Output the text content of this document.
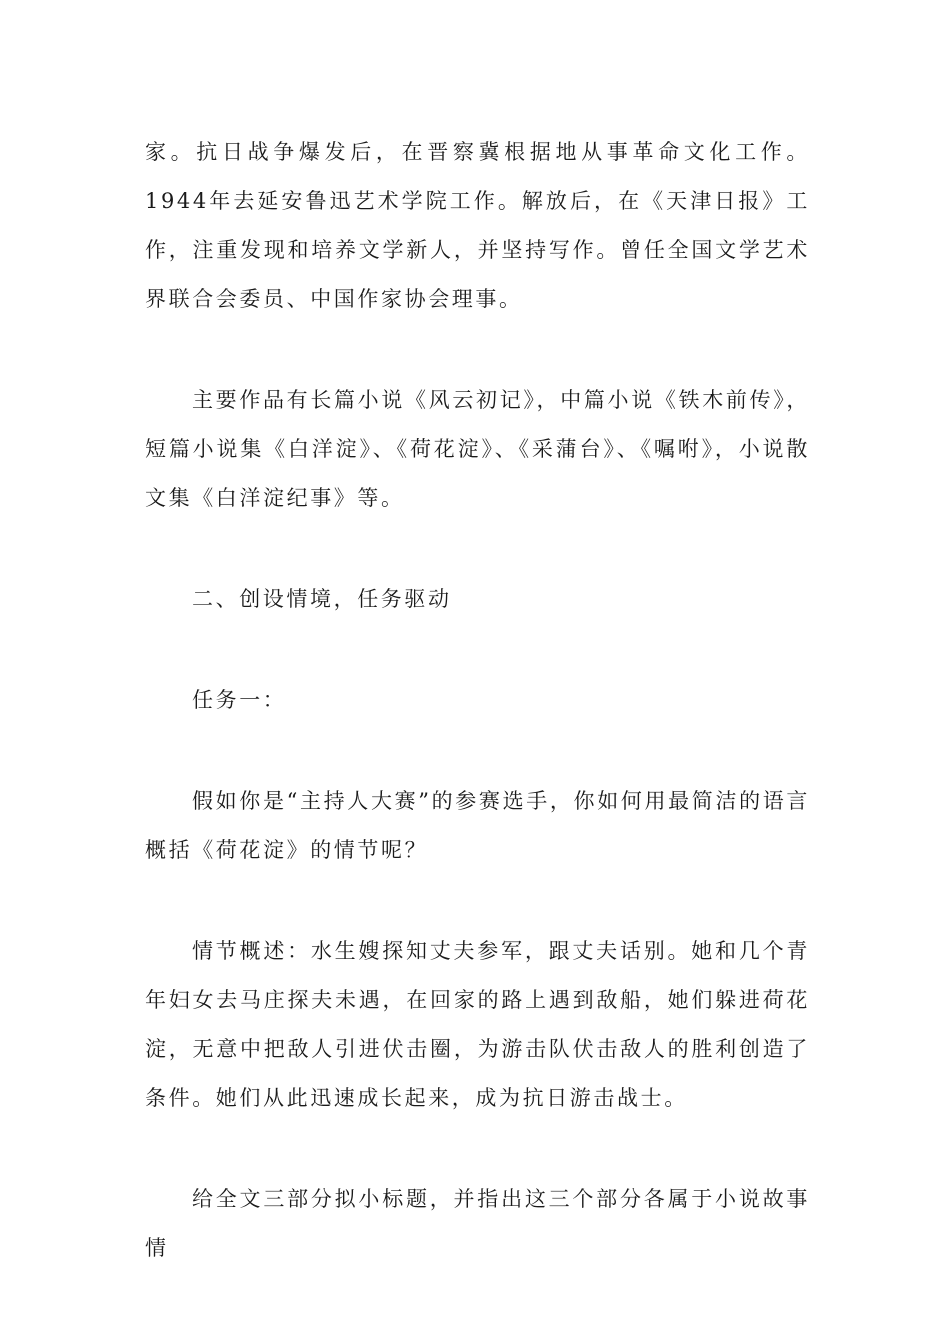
家。抗日战争爆发后，在晋察冀根据地从事革命文化工作。1944年去延安鲁迅艺术学院工作。解放后，在《天津日报》工作，注重发现和培养文学新人，并坚持写作。曾任全国文学艺术界联合会委员、中国作家协会理事。

主要作品有长篇小说《风云初记》，中篇小说《铁木前传》，短篇小说集《白洋淀》、《荷花淀》、《采蒲台》、《嘱咐》，小说散文集《白洋淀纪事》等。

二、创设情境，任务驱动

任务一：

假如你是“主持人大赛”的参赛选手，你如何用最简洁的语言概括《荷花淀》的情节呢？

情节概述：水生嫂探知丈夫参军，跟丈夫话别。她和几个青年妇女去马庄探夫未遇，在回家的路上遇到敌船，她们躲进荷花淀，无意中把敌人引进伏击圈，为游击队伏击敌人的胜利创造了条件。她们从此迅速成长起来，成为抗日游击战士。

给全文三部分拟小标题，并指出这三个部分各属于小说故事情
